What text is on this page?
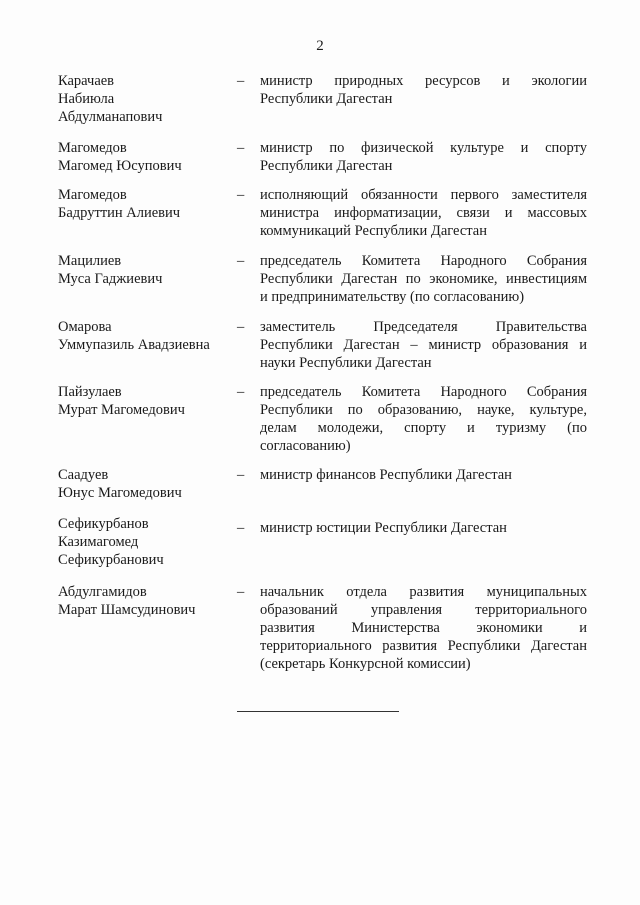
2
Карачаев
Набиюла
Абдулманапович
–	министр природных ресурсов и экологии
Республики Дагестан
Магомедов
Магомед Юсупович
–	министр по физической культуре и спорту
Республики Дагестан
Магомедов
Бадруттин Алиевич
–	исполняющий обязанности первого заместителя
министра информатизации, связи и массовых
коммуникаций Республики Дагестан
Мацилиев
Муса Гаджиевич
–	председатель Комитета Народного Собрания
Республики Дагестан по экономике, инвестициям
и предпринимательству (по согласованию)
Омарова
Уммупазиль Авадзиевна
–	заместитель Председателя Правительства
Республики Дагестан – министр образования и
науки Республики Дагестан
Пайзулаев
Мурат Магомедович
–	председатель Комитета Народного Собрания
Республики по образованию, науке, культуре,
делам молодежи, спорту и туризму (по
согласованию)
Саадуев
Юнус Магомедович
–	министр финансов Республики Дагестан
Сефикурбанов
Казимагомед
Сефикурбанович
–	министр юстиции Республики Дагестан
Абдулгамидов
Марат Шамсудинович
–	начальник отдела развития муниципальных
образований управления территориального
развития Министерства экономики и
территориального развития Республики Дагестан
(секретарь Конкурсной комиссии)
